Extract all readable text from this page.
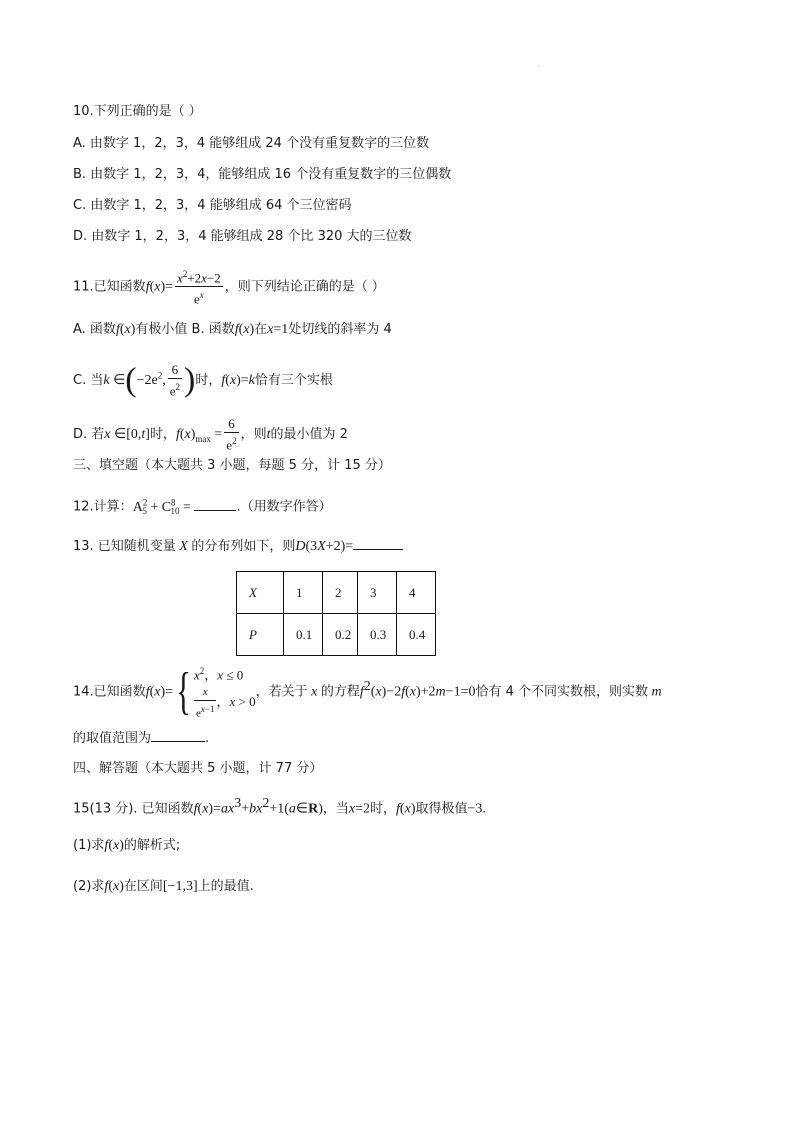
·
10.下列正确的是（ ）
A. 由数字 1，2，3，4 能够组成 24 个没有重复数字的三位数
B. 由数字 1，2，3，4，能够组成 16 个没有重复数字的三位偶数
C. 由数字 1，2，3，4 能够组成 64 个三位密码
D. 由数字 1，2，3，4 能够组成 28 个比 320 大的三位数
11.已知函数$f(x)= \frac{x^2+2x-2}{e^x}$ ，则下列结论正确的是（ ）
A. 函数f(x)有极小值 B. 函数f(x)在x=1处切线的斜率为 4
C. 当k $\in(-2e^2$, $\frac{6}{e^2}$ )时，f(x)=k恰有三个实根
D. 若x ∈[0,t]时，$f(x)_{max} = \frac{6}{e^2}$ ，则t的最小值为 2
三、填空题（本大题共 3 小题，每题 5 分，计 15 分）
12.计算：$A^2_5 + C^8_{10}$ =	.（用数字作答）
13. 已知随机变量 X 的分布列如下，则D(3X+2)=
X	1	2	3	4
P	0.1	0.2	0.3	0.4
14.已知函数f(x)={ $x^2$，x ≤ 0
$\frac{x}{e^{x-1}}$ ，x > 0
，若关于 x 的方程$f^2(x)-2f(x)+2m-1=0$恰有 4 个不同实数根，则实数 m
的取值范围为	.
四、解答题（本大题共 5 小题，计 77 分）
15(13 分). 已知函数$f(x)=ax^3+bx^2+1(a\in R)$，当x=2时，f(x)取得极值−3.
(1)求f(x)的解析式;
(2)求f(x)在区间[−1,3]上的最值.
